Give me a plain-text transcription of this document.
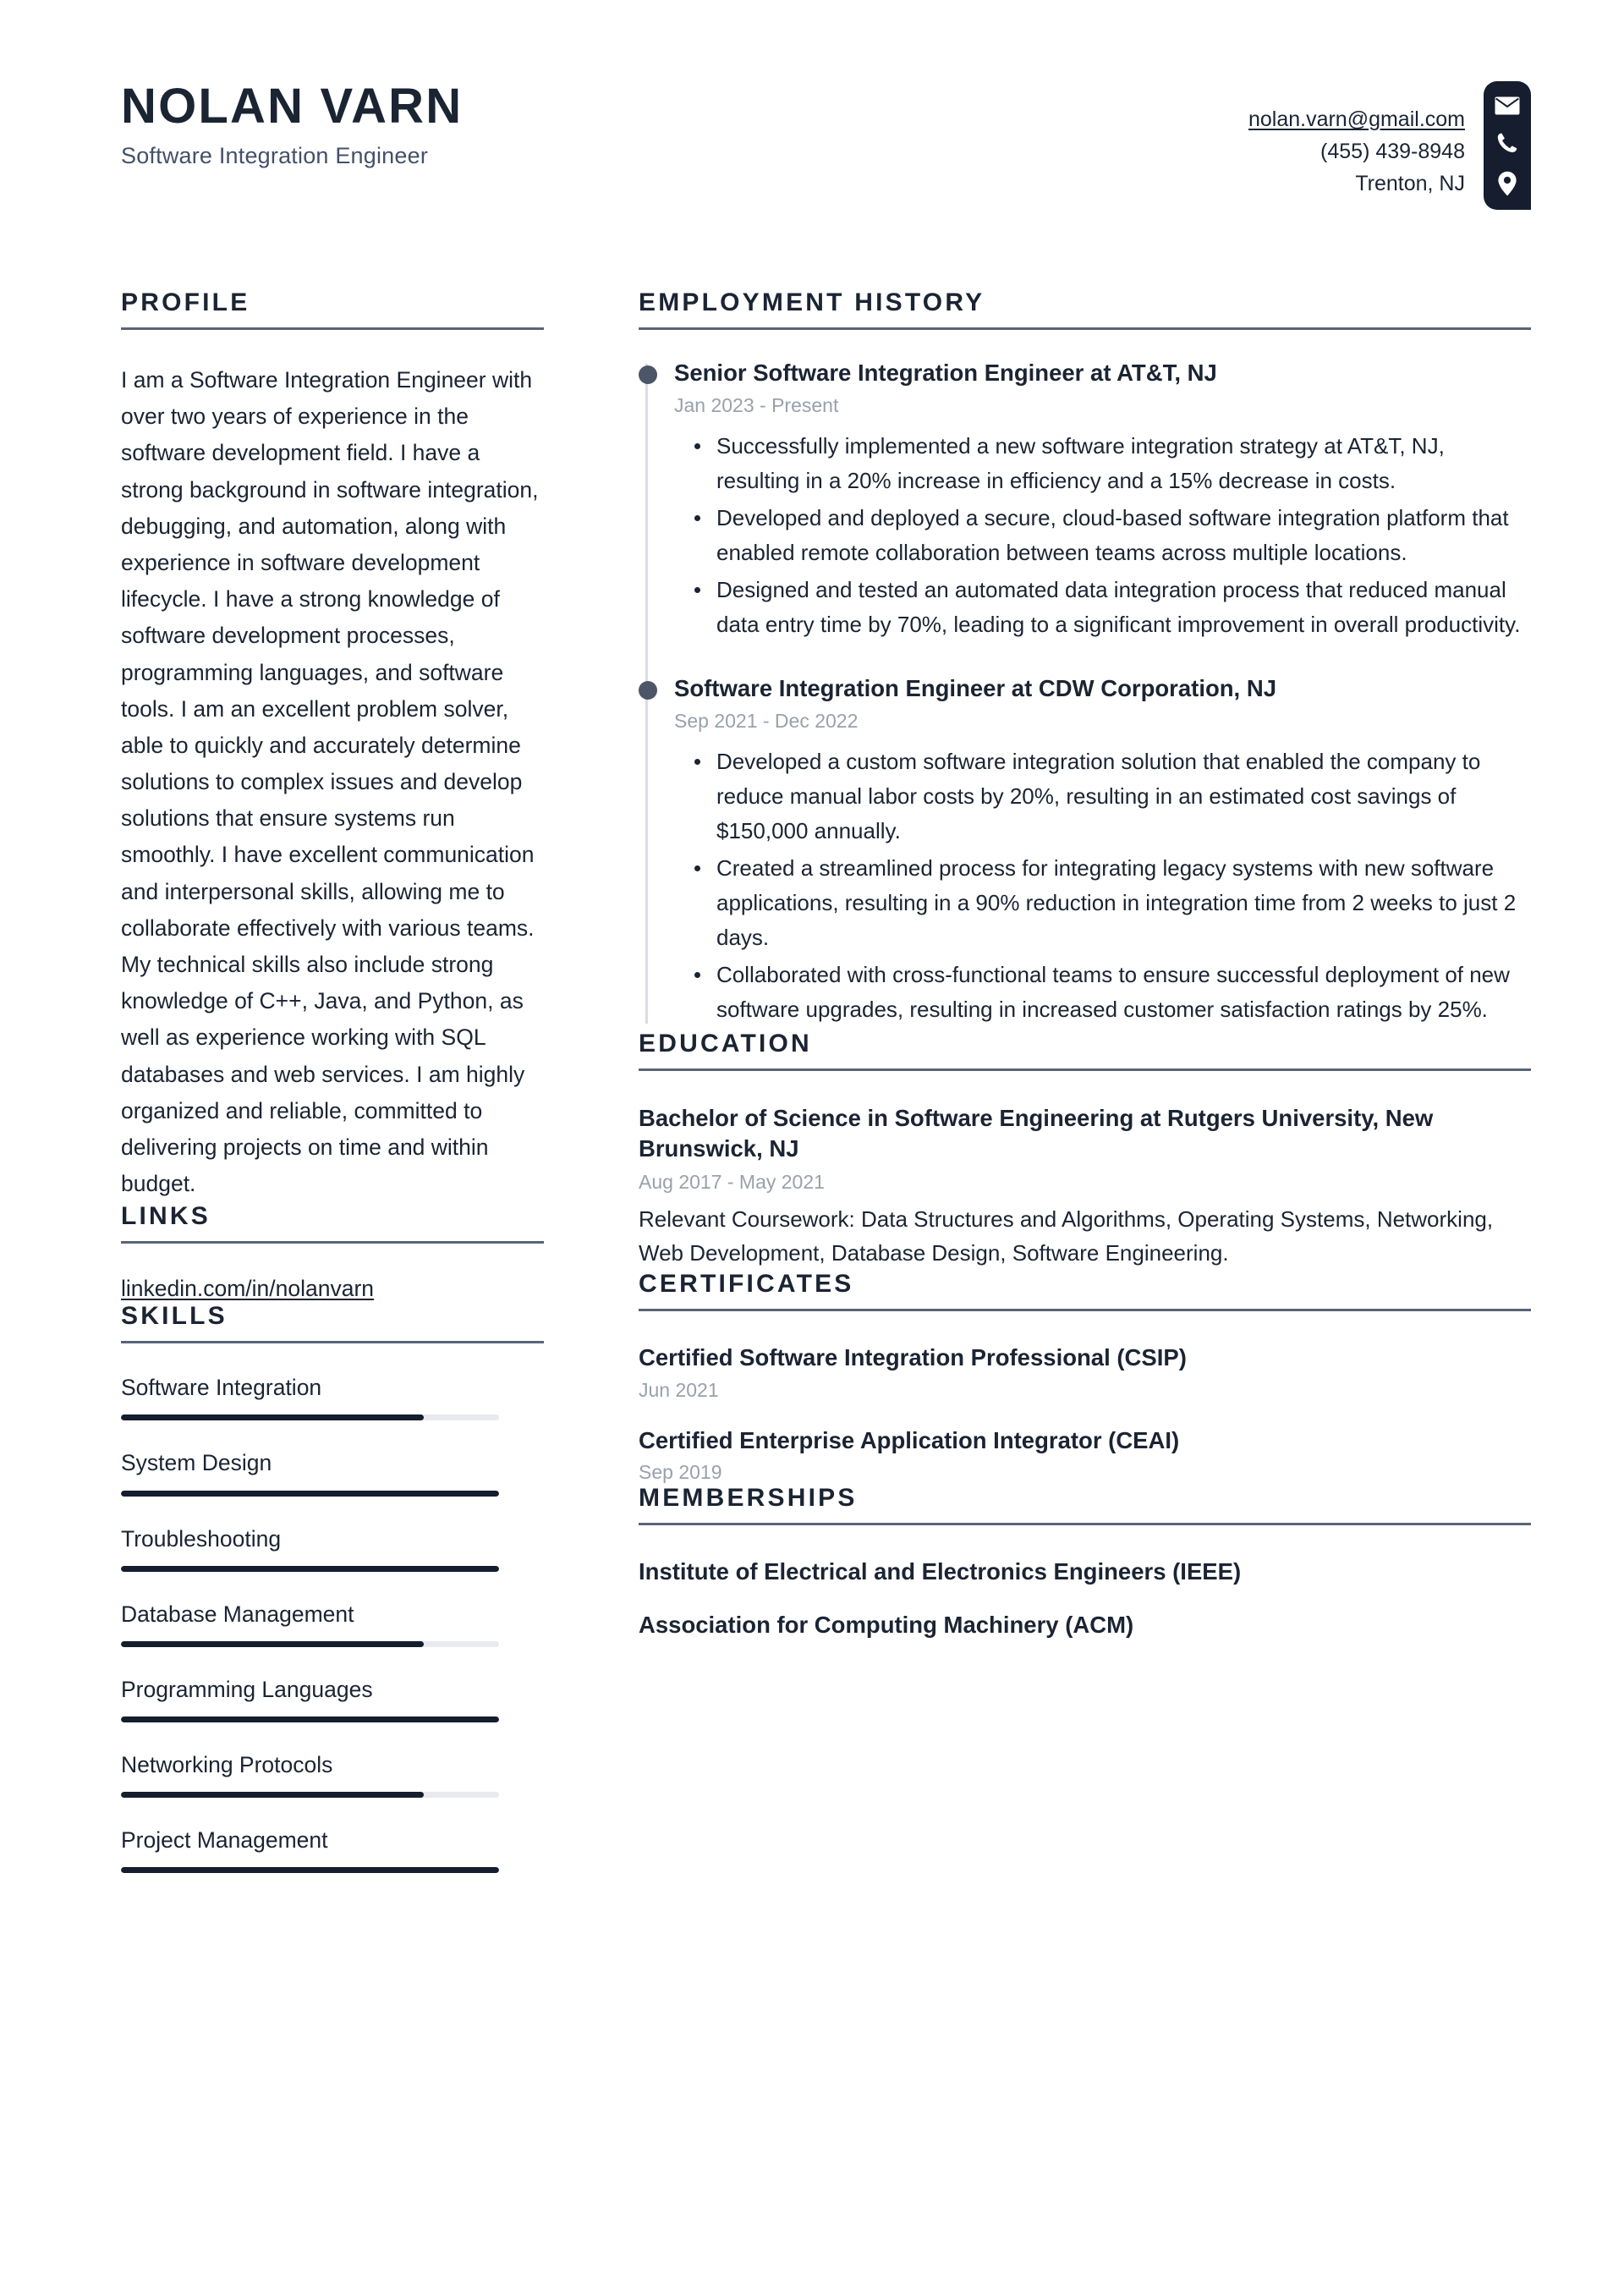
NOLAN VARN
Software Integration Engineer
nolan.varn@gmail.com
(455) 439-8948
Trenton, NJ
PROFILE
I am a Software Integration Engineer with over two years of experience in the software development field. I have a strong background in software integration, debugging, and automation, along with experience in software development lifecycle. I have a strong knowledge of software development processes, programming languages, and software tools. I am an excellent problem solver, able to quickly and accurately determine solutions to complex issues and develop solutions that ensure systems run smoothly. I have excellent communication and interpersonal skills, allowing me to collaborate effectively with various teams. My technical skills also include strong knowledge of C++, Java, and Python, as well as experience working with SQL databases and web services. I am highly organized and reliable, committed to delivering projects on time and within budget.
LINKS
linkedin.com/in/nolanvarn
SKILLS
Software Integration
System Design
Troubleshooting
Database Management
Programming Languages
Networking Protocols
Project Management
EMPLOYMENT HISTORY
Senior Software Integration Engineer at AT&T, NJ
Jan 2023 - Present
Successfully implemented a new software integration strategy at AT&T, NJ, resulting in a 20% increase in efficiency and a 15% decrease in costs.
Developed and deployed a secure, cloud-based software integration platform that enabled remote collaboration between teams across multiple locations.
Designed and tested an automated data integration process that reduced manual data entry time by 70%, leading to a significant improvement in overall productivity.
Software Integration Engineer at CDW Corporation, NJ
Sep 2021 - Dec 2022
Developed a custom software integration solution that enabled the company to reduce manual labor costs by 20%, resulting in an estimated cost savings of $150,000 annually.
Created a streamlined process for integrating legacy systems with new software applications, resulting in a 90% reduction in integration time from 2 weeks to just 2 days.
Collaborated with cross-functional teams to ensure successful deployment of new software upgrades, resulting in increased customer satisfaction ratings by 25%.
EDUCATION
Bachelor of Science in Software Engineering at Rutgers University, New Brunswick, NJ
Aug 2017 - May 2021
Relevant Coursework: Data Structures and Algorithms, Operating Systems, Networking, Web Development, Database Design, Software Engineering.
CERTIFICATES
Certified Software Integration Professional (CSIP)
Jun 2021
Certified Enterprise Application Integrator (CEAI)
Sep 2019
MEMBERSHIPS
Institute of Electrical and Electronics Engineers (IEEE)
Association for Computing Machinery (ACM)
